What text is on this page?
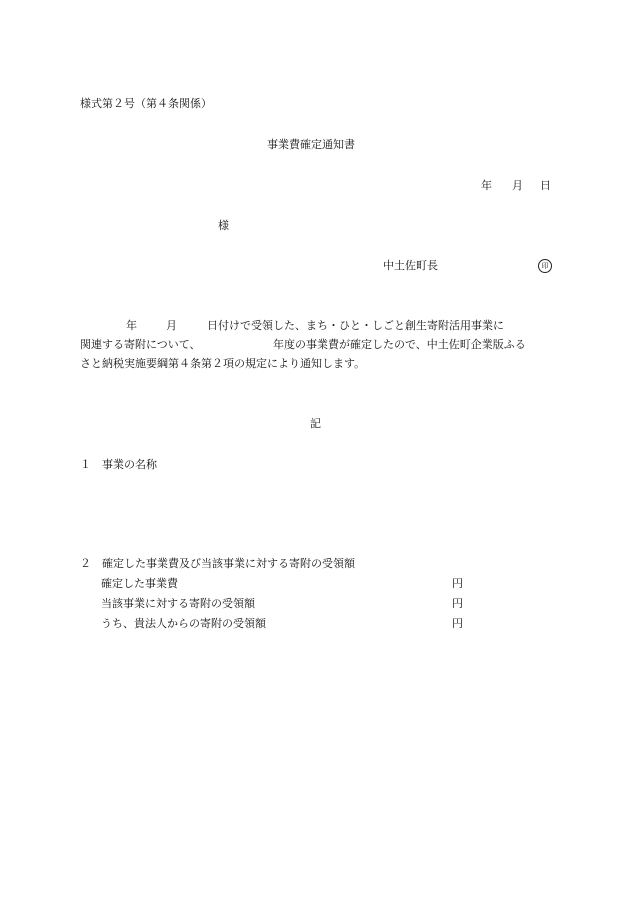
様式第２号（第４条関係）
事業費確定通知書
年 月 日
様
中土佐町長	印
年	月	日付けで受領した、まち・ひと・しごと創生寄附活用事業に
関連する寄附について、	年度の事業費が確定したので、中土佐町企業版ふる
さと納税実施要綱第４条第２項の規定により通知します。
記
１　事業の名称
２　確定した事業費及び当該事業に対する寄附の受領額
確定した事業費	円
当該事業に対する寄附の受領額	円
うち、貴法人からの寄附の受領額	円
